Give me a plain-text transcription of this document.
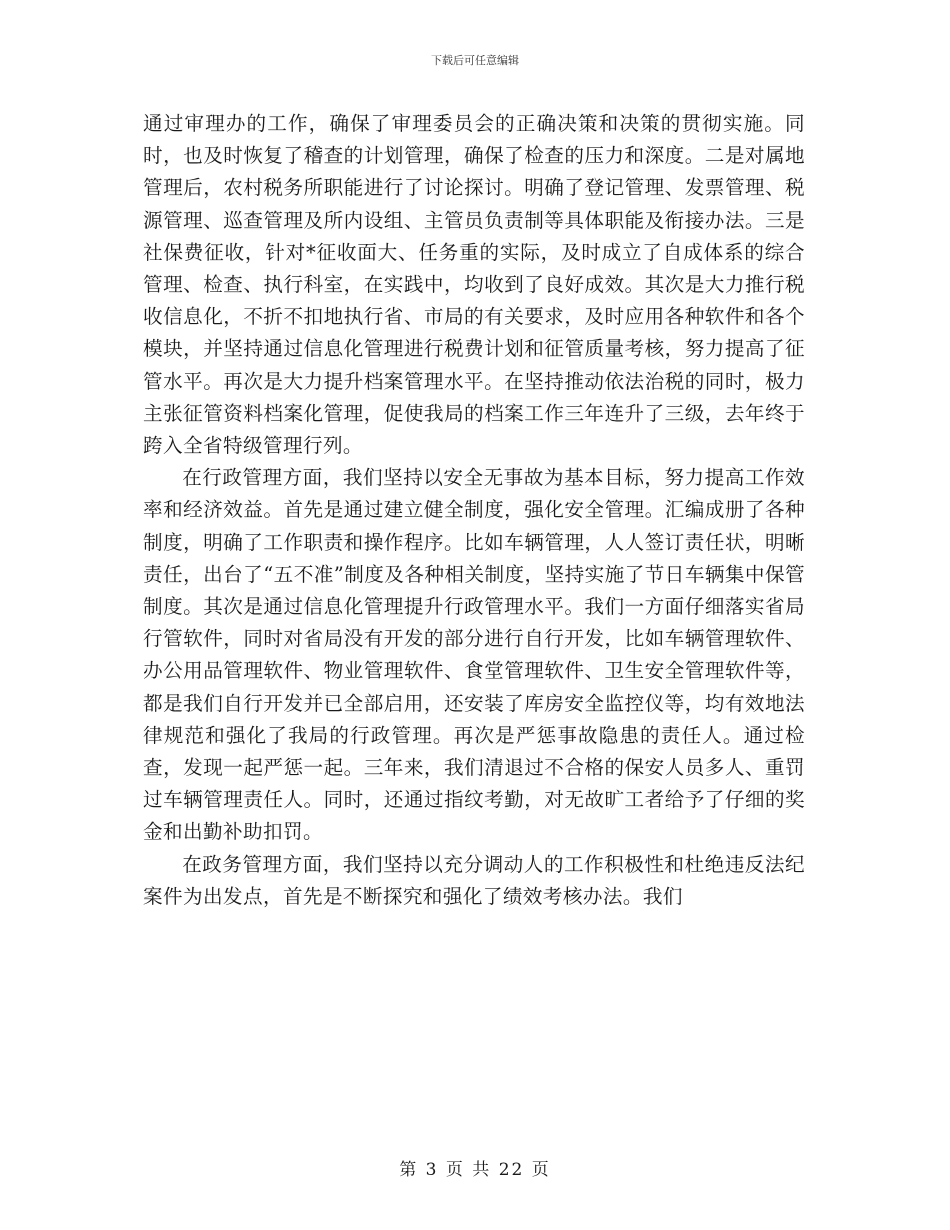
下载后可任意编辑

通过审理办的工作，确保了审理委员会的正确决策和决策的贯彻实施。同时，也及时恢复了稽查的计划管理，确保了检查的压力和深度。二是对属地管理后，农村税务所职能进行了讨论探讨。明确了登记管理、发票管理、税源管理、巡查管理及所内设组、主管员负责制等具体职能及衔接办法。三是社保费征收，针对*征收面大、任务重的实际，及时成立了自成体系的综合管理、检查、执行科室，在实践中，均收到了良好成效。其次是大力推行税收信息化，不折不扣地执行省、市局的有关要求，及时应用各种软件和各个模块，并坚持通过信息化管理进行税费计划和征管质量考核，努力提高了征管水平。再次是大力提升档案管理水平。在坚持推动依法治税的同时，极力主张征管资料档案化管理，促使我局的档案工作三年连升了三级，去年终于跨入全省特级管理行列。

在行政管理方面，我们坚持以安全无事故为基本目标，努力提高工作效率和经济效益。首先是通过建立健全制度，强化安全管理。汇编成册了各种制度，明确了工作职责和操作程序。比如车辆管理，人人签订责任状，明晰责任，出台了“五不准”制度及各种相关制度，坚持实施了节日车辆集中保管制度。其次是通过信息化管理提升行政管理水平。我们一方面仔细落实省局行管软件，同时对省局没有开发的部分进行自行开发，比如车辆管理软件、办公用品管理软件、物业管理软件、食堂管理软件、卫生安全管理软件等，都是我们自行开发并已全部启用，还安装了库房安全监控仪等，均有效地法律规范和强化了我局的行政管理。再次是严惩事故隐患的责任人。通过检查，发现一起严惩一起。三年来，我们清退过不合格的保安人员多人、重罚过车辆管理责任人。同时，还通过指纹考勤，对无故旷工者给予了仔细的奖金和出勤补助扣罚。

在政务管理方面，我们坚持以充分调动人的工作积极性和杜绝违反法纪案件为出发点，首先是不断探究和强化了绩效考核办法。我们

第 3 页 共 22 页
